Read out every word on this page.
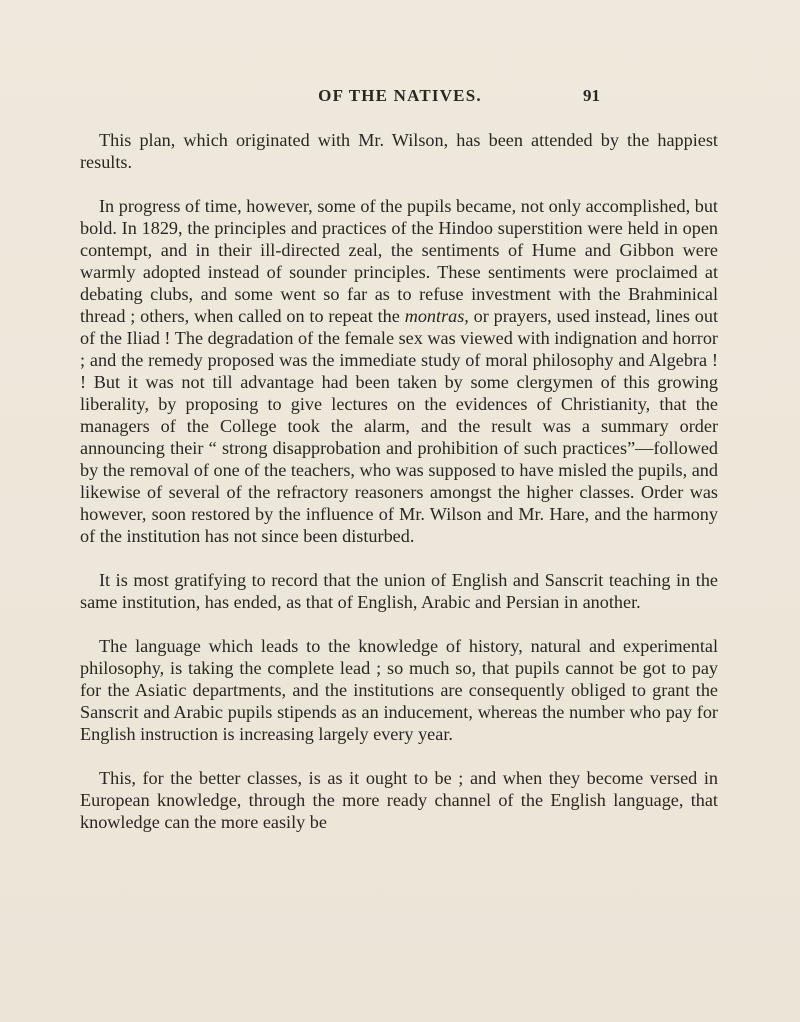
OF THE NATIVES.	91

This plan, which originated with Mr. Wilson, has been attended by the happiest results.

In progress of time, however, some of the pupils became, not only accomplished, but bold. In 1829, the principles and practices of the Hindoo superstition were held in open contempt, and in their ill-directed zeal, the sentiments of Hume and Gibbon were warmly adopted instead of sounder principles. These sentiments were proclaimed at debating clubs, and some went so far as to refuse investment with the Brahminical thread ; others, when called on to repeat the montras, or prayers, used instead, lines out of the Iliad ! The degradation of the female sex was viewed with indignation and horror ; and the remedy proposed was the immediate study of moral philosophy and Algebra ! ! But it was not till advantage had been taken by some clergymen of this growing liberality, by proposing to give lectures on the evidences of Christianity, that the managers of the College took the alarm, and the result was a summary order announcing their “ strong disapprobation and prohibition of such practices”—followed by the removal of one of the teachers, who was supposed to have misled the pupils, and likewise of several of the refractory reasoners amongst the higher classes. Order was however, soon restored by the influence of Mr. Wilson and Mr. Hare, and the harmony of the institution has not since been disturbed.

It is most gratifying to record that the union of English and Sanscrit teaching in the same institution, has ended, as that of English, Arabic and Persian in another.

The language which leads to the knowledge of history, natural and experimental philosophy, is taking the complete lead ; so much so, that pupils cannot be got to pay for the Asiatic departments, and the institutions are consequently obliged to grant the Sanscrit and Arabic pupils stipends as an inducement, whereas the number who pay for English instruction is increasing largely every year.

This, for the better classes, is as it ought to be ; and when they become versed in European knowledge, through the more ready channel of the English language, that knowledge can the more easily be
